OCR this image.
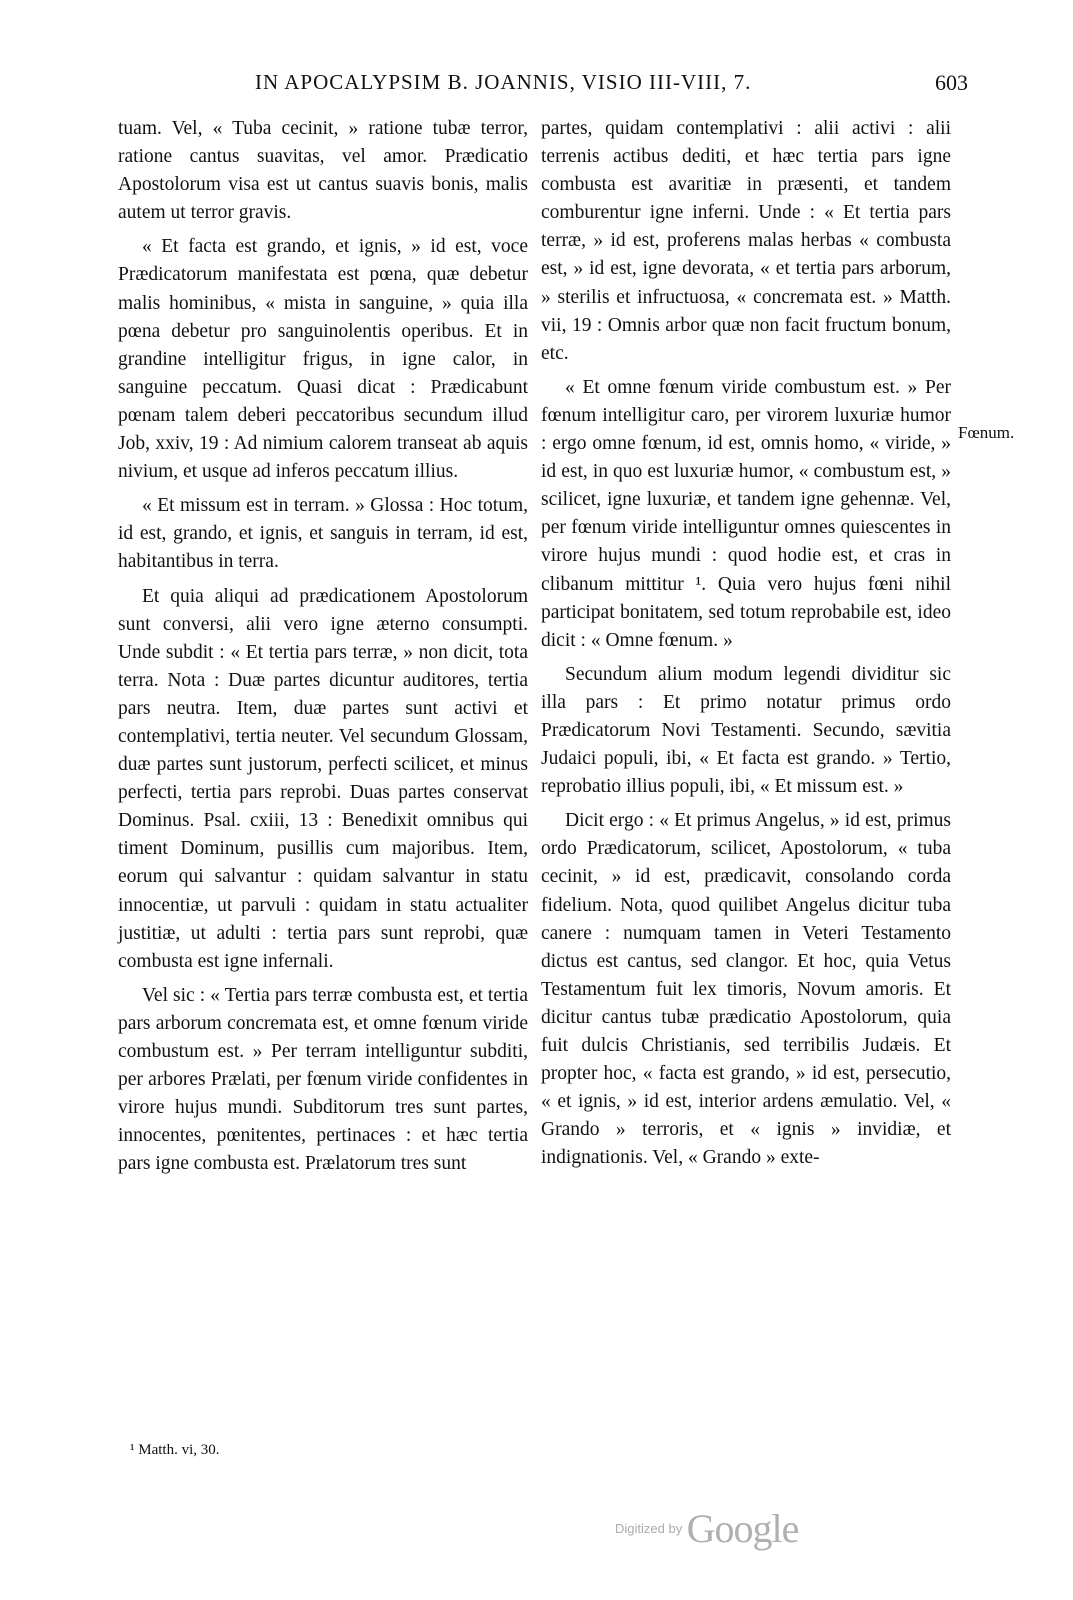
IN APOCALYPSIM B. JOANNIS, VISIO III-VIII, 7.	603

tuam. Vel, « Tuba cecinit, » ratione tubæ terror, ratione cantus suavitas, vel amor. Prædicatio Apostolorum visa est ut cantus suavis bonis, malis autem ut terror gravis.

« Et facta est grando, et ignis, » id est, voce Prædicatorum manifestata est pœna, quæ debetur malis hominibus, « mista in sanguine, » quia illa pœna debetur pro sanguinolentis operibus. Et in grandine intelligitur frigus, in igne calor, in sanguine peccatum. Quasi dicat : Prædicabunt pœnam talem deberi peccatoribus secundum illud Job, xxiv, 19 : Ad nimium calorem transeat ab aquis nivium, et usque ad inferos peccatum illius.

« Et missum est in terram. » Glossa : Hoc totum, id est, grando, et ignis, et sanguis in terram, id est, habitantibus in terra.

Et quia aliqui ad prædicationem Apostolorum sunt conversi, alii vero igne æterno consumpti. Unde subdit : « Et tertia pars terræ, » non dicit, tota terra. Nota : Duæ partes dicuntur auditores, tertia pars neutra. Item, duæ partes sunt activi et contemplativi, tertia neuter. Vel secundum Glossam, duæ partes sunt justorum, perfecti scilicet, et minus perfecti, tertia pars reprobi. Duas partes conservat Dominus. Psal. cxiii, 13 : Benedixit omnibus qui timent Dominum, pusillis cum majoribus. Item, eorum qui salvantur : quidam salvantur in statu innocentiæ, ut parvuli : quidam in statu actualiter justitiæ, ut adulti : tertia pars sunt reprobi, quæ combusta est igne infernali.

Vel sic : « Tertia pars terræ combusta est, et tertia pars arborum concremata est, et omne fœnum viride combustum est. » Per terram intelliguntur subditi, per arbores Prælati, per fœnum viride confidentes in virore hujus mundi. Subditorum tres sunt partes, innocentes, pœnitentes, pertinaces : et hæc tertia pars igne combusta est. Prælatorum tres sunt

partes, quidam contemplativi : alii activi : alii terrenis actibus dediti, et hæc tertia pars igne combusta est avaritiæ in præsenti, et tandem comburentur igne inferni. Unde : « Et tertia pars terræ, » id est, proferens malas herbas « combusta est, » id est, igne devorata, « et tertia pars arborum, » sterilis et infructuosa, « concremata est. » Matth. vii, 19 : Omnis arbor quæ non facit fructum bonum, etc.

« Et omne fœnum viride combustum est. » Per fœnum intelligitur caro, per virorem luxuriæ humor : ergo omne fœnum, id est, omnis homo, « viride, » id est, in quo est luxuriæ humor, « combustum est, » scilicet, igne luxuriæ, et tandem igne gehennæ. Vel, per fœnum viride intelliguntur omnes quiescentes in virore hujus mundi : quod hodie est, et cras in clibanum mittitur ¹. Quia vero hujus fœni nihil participat bonitatem, sed totum reprobabile est, ideo dicit : « Omne fœnum. »

Secundum alium modum legendi dividitur sic illa pars : Et primo notatur primus ordo Prædicatorum Novi Testamenti. Secundo, sævitia Judaici populi, ibi, « Et facta est grando. » Tertio, reprobatio illius populi, ibi, « Et missum est. »

Dicit ergo : « Et primus Angelus, » id est, primus ordo Prædicatorum, scilicet, Apostolorum, « tuba cecinit, » id est, prædicavit, consolando corda fidelium. Nota, quod quilibet Angelus dicitur tuba canere : numquam tamen in Veteri Testamento dictus est cantus, sed clangor. Et hoc, quia Vetus Testamentum fuit lex timoris, Novum amoris. Et dicitur cantus tubæ prædicatio Apostolorum, quia fuit dulcis Christianis, sed terribilis Judæis. Et propter hoc, « facta est grando, » id est, persecutio, « et ignis, » id est, interior ardens æmulatio. Vel, « Grando » terroris, et « ignis » invidiæ, et indignationis. Vel, « Grando » exte-

Fœnum.
¹ Matth. vi, 30.
Digitized by Google
